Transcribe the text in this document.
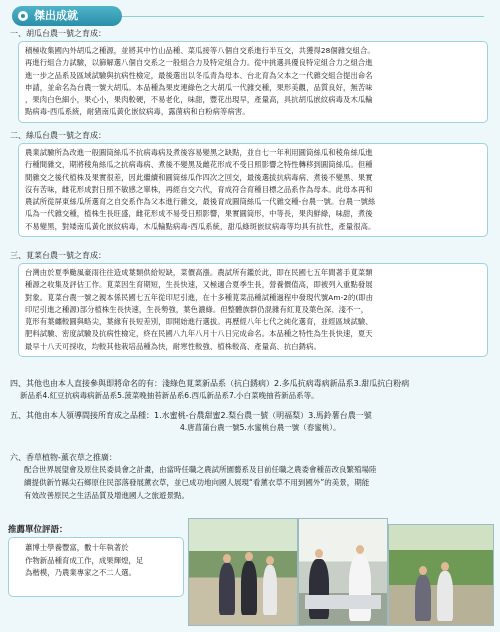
傑出成就
一、胡瓜台農一號之育成：
積極收集國內外胡瓜之種源，並將其中竹山品種、菜瓜接等八個自交系進行半互交，共獲得28個雜交組合。
再進行組合力試驗，以篩解選八個自交系之一般組合力及特定組合力。從中挑選具優良特定組合力之組合進
進一步之品系及區域試驗與抗病性檢定，最後選出以冬瓜青為母本、台北育為父本之一代雜交組合提出命名
申請，並命名為台農一號大胡瓜。本品種為果皮連綠色之大胡瓜一代雜交種，果形美觀，品質良好，無苦味
，果肉白色細小，果心小，果肉較硬，不易老化，味甜，豐花出現早，產量高，具抗胡瓜嵌紋病毒及木瓜輪
點病毒-西瓜系統，耐猪南瓜黃化嵌紋病毒，露菌病和白粉病等病害。
二、絲瓜台農一號之育成：
農業試驗所為改進一般圓筒絲瓜不抗病毒病及煮後容易變黑之缺點，並自七一年利用圓筒絲瓜和稜角絲瓜進
行種間雜交，期將稜角絲瓜之抗病毒病、煮後不變黑及雌花形成不受日照影響之特性轉移到圓筒絲瓜。但種
間雜交之後代植株及果實很差，因此繼續和圓筒絲瓜作四次之回交，最後選拔抗病毒病、煮後不變黑、果實
沒有苦味，雌花形成對日照不敏感之單株，再經自交六代，育成符合育種目標之品系作為母本。此母本再和
農試所從屏東絲瓜所選育之自交系作為父本進行雜交，最後育成圓筒絲瓜一代雜交種-台農一號。台農一號絲
瓜為一代雜交種，植株生長旺盛，雌花形成不易受日照影響，果實圓筒形，中等長，果肉鮮綠，味甜，煮後
不易變黑，對矮南瓜黃化嵌紋病毒，木瓜輪點病毒-西瓜系統，甜瓜綠斑嵌紋病毒等均具有抗性，產量很高。
三、莧菜台農一號之育成：
台灣由於夏季颱風豪雨往往造成葉類供給短缺，菜價高漲。農試所有鑑於此，即在民國七五年間著手莧菜類
種源之收集及評估工作。莧菜因生育期短，生長快速，又極適合夏季生長，營養價值高，即被列入重點發展
對象。莧菜台農一號之親本係民國七五年從印尼引進，在十多種莧菜品種試種過程中發現代號Am-2的(即由
印尼引進之種源)部分植株生長快速，生長勢強，葉色濃綠。但整體族群仍混雜有紅莧及葉色深、淺不一，
莧形有葉纏較圓與略尖，葉緣有長短差別，即開始進行選拔。再歷經八年七代之純化選育，並經區域試驗、
肥料試驗、密度試驗及抗病性檢定，終在民國八九年八月十八日完成命名。本品種之特性為生長快速，夏天
最早十八天可採收，均較其他栽培品種為快，耐寒性較強、植株較高、產量高、抗白銹病。
四、其他也由本人直接參與即將命名的有：淺綠色莧菜新品系（抗白銹病）2.多瓜抗病毒病新品系3.甜瓜抗白粉病
新品系4.紅豆抗病毒病新品系5.菠菜晚抽苔新品系6.西瓜新品系7.小白菜晚抽苔新品系等。
五、其他由本人領導間接所育成之品種：1.水蜜桃-台農甜蜜2.梨台農一號（明福梨）3.馬鈴薯台農一號
4.唐菖蒲台農一號5.水蜜桃台農一號（春蜜桃）。
六、香草植物-薰衣草之推廣：
配合世界展望會及原住民委員會之計畫，由當時任職之農試所園藝系及目前任職之農委會種苗改良繁殖場陸
續提供新竹縣尖石鄉原住民部落發展薰衣草，並已成功地向國人展現“看薰衣草不用到國外”的美景，期能
有效改善原民之生活品質及增進國人之旅遊景點。
推薦單位評語：
蕭博士學養豐富，數十年執著於
作物新品種育成工作，成果輝煌，足
為楷模，乃農業專家之不二人選。
